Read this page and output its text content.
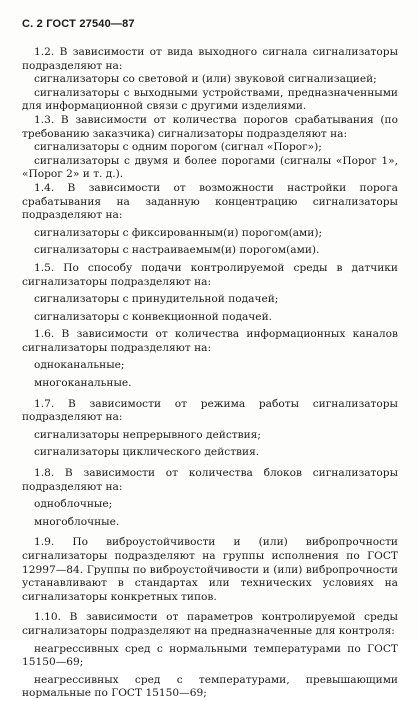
С. 2 ГОСТ 27540—87

1.2. В зависимости от вида выходного сигнала сигнализаторы подразделяют на:

сигнализаторы со световой и (или) звуковой сигнализацией;

сигнализаторы с выходными устройствами, предназначенными для информационной связи с другими изделиями.

1.3. В зависимости от количества порогов срабатывания (по требованию заказчика) сигнализаторы подразделяют на:

сигнализаторы с одним порогом (сигнал «Порог»);

сигнализаторы с двумя и более порогами (сигналы «Порог 1», «Порог 2» и т. д.).

1.4. В зависимости от возможности настройки порога срабатывания на заданную концентрацию сигнализаторы подразделяют на:

сигнализаторы с фиксированным(и) порогом(ами);

сигнализаторы с настраиваемым(и) порогом(ами).

1.5. По способу подачи контролируемой среды в датчики сигнализаторы подразделяют на:

сигнализаторы с принудительной подачей;

сигнализаторы с конвекционной подачей.

1.6. В зависимости от количества информационных каналов сигнализаторы подразделяют на:

одноканальные;

многоканальные.

1.7. В зависимости от режима работы сигнализаторы подразделяют на:

сигнализаторы непрерывного действия;

сигнализаторы циклического действия.

1.8. В зависимости от количества блоков сигнализаторы подразделяют на:

одноблочные;

многоблочные.

1.9. По виброустойчивости и (или) вибропрочности сигнализаторы подразделяют на группы исполнения по ГОСТ 12997—84. Группы по виброустойчивости и (или) вибропрочности устанавливают в стандартах или технических условиях на сигнализаторы конкретных типов.

1.10. В зависимости от параметров контролируемой среды сигнализаторы подразделяют на предназначенные для контроля:

неагрессивных сред с нормальными температурами по ГОСТ 15150—69;

неагрессивных сред с температурами, превышающими нормальные по ГОСТ 15150—69;
